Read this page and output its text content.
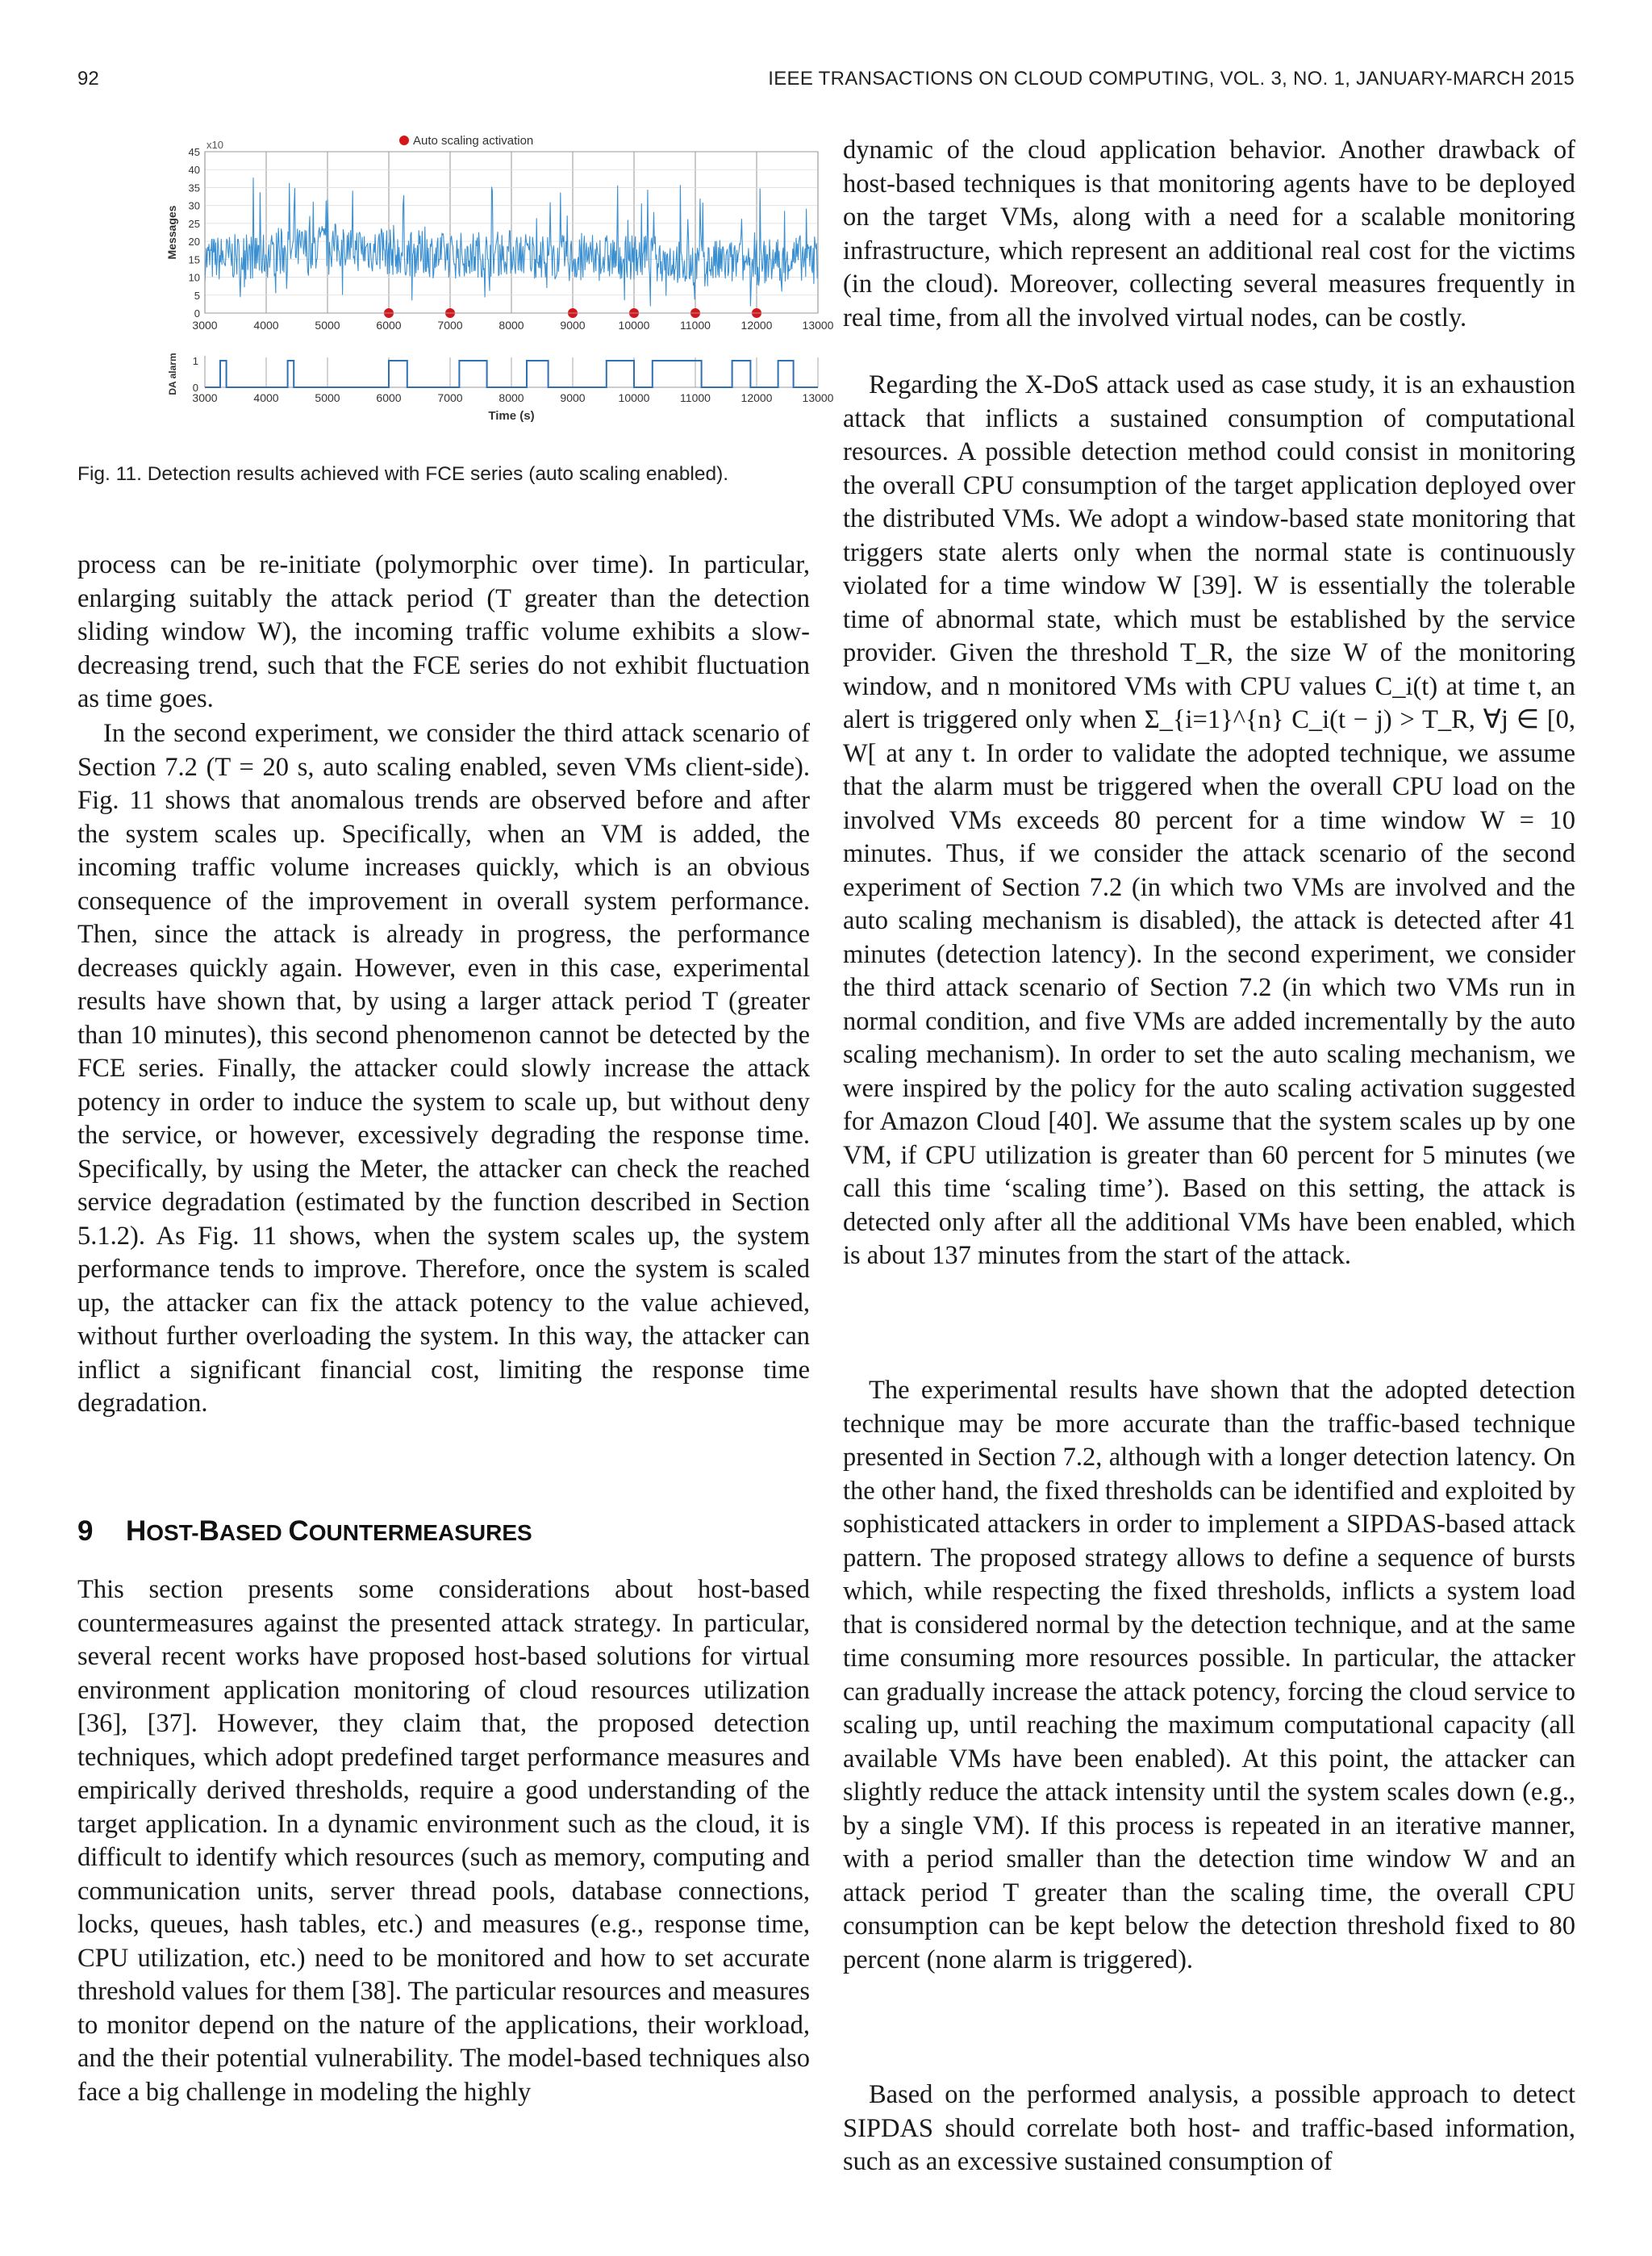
92	IEEE TRANSACTIONS ON CLOUD COMPUTING, VOL. 3, NO. 1, JANUARY-MARCH 2015
3000	4000	5000	6000	7000	8000	9000	10000	11000	12000	13000
0
5
10
15
20
25
30
35
40
45
x10
Messages
3000	4000	5000	6000	7000	8000	9000	10000	11000	12000	13000
0
1
DA alarm
Time (s)
Auto scaling activation

Fig. 11. Detection results achieved with FCE series (auto scaling enabled).

process can be re-initiate (polymorphic over time). In particular, enlarging suitably the attack period (T greater than the detection sliding window W), the incoming traffic volume exhibits a slow-decreasing trend, such that the FCE series do not exhibit fluctuation as time goes.

In the second experiment, we consider the third attack scenario of Section 7.2 (T = 20 s, auto scaling enabled, seven VMs client-side). Fig. 11 shows that anomalous trends are observed before and after the system scales up. Specifically, when an VM is added, the incoming traffic volume increases quickly, which is an obvious consequence of the improvement in overall system performance. Then, since the attack is already in progress, the performance decreases quickly again. However, even in this case, experimental results have shown that, by using a larger attack period T (greater than 10 minutes), this second phenomenon cannot be detected by the FCE series. Finally, the attacker could slowly increase the attack potency in order to induce the system to scale up, but without deny the service, or however, excessively degrading the response time. Specifically, by using the Meter, the attacker can check the reached service degradation (estimated by the function described in Section 5.1.2). As Fig. 11 shows, when the system scales up, the system performance tends to improve. Therefore, once the system is scaled up, the attacker can fix the attack potency to the value achieved, without further overloading the system. In this way, the attacker can inflict a significant financial cost, limiting the response time degradation.

9 HOST-BASED COUNTERMEASURES

This section presents some considerations about host-based countermeasures against the presented attack strategy. In particular, several recent works have proposed host-based solutions for virtual environment application monitoring of cloud resources utilization [36], [37]. However, they claim that, the proposed detection techniques, which adopt predefined target performance measures and empirically derived thresholds, require a good understanding of the target application. In a dynamic environment such as the cloud, it is difficult to identify which resources (such as memory, computing and communication units, server thread pools, database connections, locks, queues, hash tables, etc.) and measures (e.g., response time, CPU utilization, etc.) need to be monitored and how to set accurate threshold values for them [38]. The particular resources and measures to monitor depend on the nature of the applications, their workload, and the their potential vulnerability. The model-based techniques also face a big challenge in modeling the highly

dynamic of the cloud application behavior. Another drawback of host-based techniques is that monitoring agents have to be deployed on the target VMs, along with a need for a scalable monitoring infrastructure, which represent an additional real cost for the victims (in the cloud). Moreover, collecting several measures frequently in real time, from all the involved virtual nodes, can be costly.

Regarding the X-DoS attack used as case study, it is an exhaustion attack that inflicts a sustained consumption of computational resources. A possible detection method could consist in monitoring the overall CPU consumption of the target application deployed over the distributed VMs. We adopt a window-based state monitoring that triggers state alerts only when the normal state is continuously violated for a time window W [39]. W is essentially the tolerable time of abnormal state, which must be established by the service provider. Given the threshold T_R, the size W of the monitoring window, and n monitored VMs with CPU values C_i(t) at time t, an alert is triggered only when Σ_{i=1}^{n} C_i(t − j) > T_R, ∀j ∈ [0, W[ at any t. In order to validate the adopted technique, we assume that the alarm must be triggered when the overall CPU load on the involved VMs exceeds 80 percent for a time window W = 10 minutes. Thus, if we consider the attack scenario of the second experiment of Section 7.2 (in which two VMs are involved and the auto scaling mechanism is disabled), the attack is detected after 41 minutes (detection latency). In the second experiment, we consider the third attack scenario of Section 7.2 (in which two VMs run in normal condition, and five VMs are added incrementally by the auto scaling mechanism). In order to set the auto scaling mechanism, we were inspired by the policy for the auto scaling activation suggested for Amazon Cloud [40]. We assume that the system scales up by one VM, if CPU utilization is greater than 60 percent for 5 minutes (we call this time ‘scaling time’). Based on this setting, the attack is detected only after all the additional VMs have been enabled, which is about 137 minutes from the start of the attack.

The experimental results have shown that the adopted detection technique may be more accurate than the traffic-based technique presented in Section 7.2, although with a longer detection latency. On the other hand, the fixed thresholds can be identified and exploited by sophisticated attackers in order to implement a SIPDAS-based attack pattern. The proposed strategy allows to define a sequence of bursts which, while respecting the fixed thresholds, inflicts a system load that is considered normal by the detection technique, and at the same time consuming more resources possible. In particular, the attacker can gradually increase the attack potency, forcing the cloud service to scaling up, until reaching the maximum computational capacity (all available VMs have been enabled). At this point, the attacker can slightly reduce the attack intensity until the system scales down (e.g., by a single VM). If this process is repeated in an iterative manner, with a period smaller than the detection time window W and an attack period T greater than the scaling time, the overall CPU consumption can be kept below the detection threshold fixed to 80 percent (none alarm is triggered).

Based on the performed analysis, a possible approach to detect SIPDAS should correlate both host- and traffic-based information, such as an excessive sustained consumption of
